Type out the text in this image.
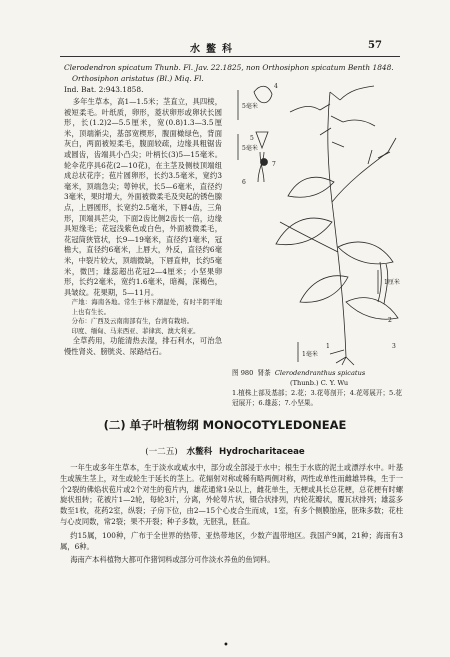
水鳖科	57
Clerodendron spicatum Thunb. Fl. Jav. 22.1825, non Orthosiphon spicatum Benth 1848.
Orthosiphon aristatus (Bl.) Miq. Fl.
Ind. Bat. 2:943.1858.

多年生草本，高1—1.5米；茎直立，具四棱，被短柔毛。叶纸质，卵形，菱状卵形或卵状长圆形，长(1.2)2—5.5厘米，宽(0.8)1.3—3.5厘米，顶端渐尖，基部宽楔形，腹面橄绿色，背面灰白，两面被短柔毛，腹面较疏，边缘具粗锯齿或圆齿，齿端具小凸尖；叶柄长(3)5—15毫米。轮伞花序具6花(2—10花)，在主茎及侧枝顶端组成总状花序；苞片圆卵形，长约3.5毫米，宽约3毫米，顶端急尖；萼钟状，长5—6毫米，直径约3毫米，果时增大，外面被微柔毛及突起的锈色腺点，上唇圆形，长宽约2.5毫米，下唇4齿，三角形，顶端具芒尖，下面2齿比侧2齿长一倍，边缘具短缘毛；花冠浅紫色或白色，外面被微柔毛，花冠筒狭管状，长9—19毫米，直径约1毫米，冠檐大，直径约6毫米，上唇大，外反，直径约6毫米，中裂片较大，顶端微缺，下唇直伸，长约5毫米，微凹；雄蕊超出花冠2—4厘米；小坚果卵形，长约2毫米，宽约1.6毫米，暗褐，深褐色，具皱纹。花果期，5—11月。

产地：海南各地。常生于林下潮湿处，有时半阴平地上也有生长。

分布：广西及云南南部有生，台湾有栽培。

印度、缅甸、马来西亚、菲律宾、澳大利亚。

全草药用，功能清热去湿，排石利水，可治急慢性肾炎、膀胱炎、尿路结石。

5毫米
5毫米
1厘米
1毫米
4
5
6
7
1
2
3
图 980 肾茶 Clerodendranthus spicatus
(Thunb.) C. Y. Wu
1.植株上部及基部；2.花；3.花萼剖开；4.花萼展开；5.花冠展开；6.雄蕊；7.小坚果。
(二) 单子叶植物纲 MONOCOTYLEDONEAE
(一二五) 水鳖科 Hydrocharitaceae

一年生或多年生草本，生于淡水或咸水中，部分或全部浸于水中；根生于水底的泥土或漂浮水中。叶基生或簇生茎上，对生或轮生于延长的茎上。花辐射对称或稀有略两侧对称，两性或单性而雌雄异株，生于一个2裂的佛焰状苞片或2个对生的苞片内，雄花通常1朵以上，雌花单生，无梗或具长总花梗，总花梗有时螺旋状扭转；花被片1—2轮，每轮3片，分离，外轮萼片状，镊合状排列，内轮花瓣状，覆瓦状排列；雄蕊多数至1枚，花药2室，纵裂；子房下位，由2—15个心皮合生而成，1室，有多个侧膜胎座，胚珠多数；花柱与心皮同数，常2裂；果不开裂；种子多数，无胚乳，胚直。

约15属，100种，广布于全世界的热带、亚热带地区，少数产温带地区。我国产9属，21种；海南有3属，6种。

海南产本科植物大都可作猪饲料或部分可作淡水养鱼的鱼饲料。

•
